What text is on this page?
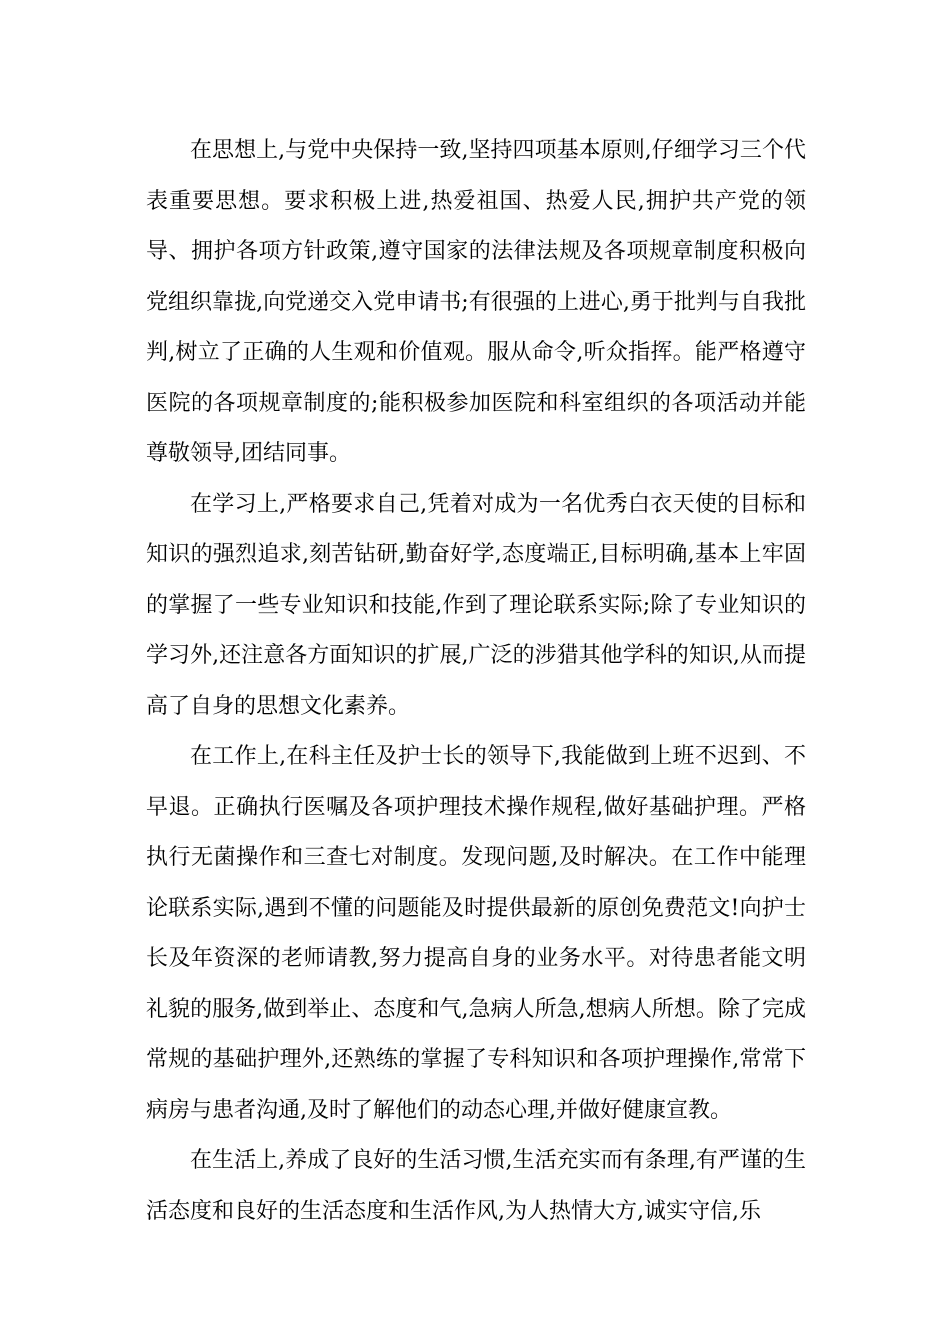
在思想上,与党中央保持一致,坚持四项基本原则,仔细学习三个代表重要思想。要求积极上进,热爱祖国、热爱人民,拥护共产党的领导、拥护各项方针政策,遵守国家的法律法规及各项规章制度积极向党组织靠拢,向党递交入党申请书;有很强的上进心,勇于批判与自我批判,树立了正确的人生观和价值观。服从命令,听众指挥。能严格遵守医院的各项规章制度的;能积极参加医院和科室组织的各项活动并能尊敬领导,团结同事。

在学习上,严格要求自己,凭着对成为一名优秀白衣天使的目标和知识的强烈追求,刻苦钻研,勤奋好学,态度端正,目标明确,基本上牢固的掌握了一些专业知识和技能,作到了理论联系实际;除了专业知识的学习外,还注意各方面知识的扩展,广泛的涉猎其他学科的知识,从而提高了自身的思想文化素养。

在工作上,在科主任及护士长的领导下,我能做到上班不迟到、不早退。正确执行医嘱及各项护理技术操作规程,做好基础护理。严格执行无菌操作和三查七对制度。发现问题,及时解决。在工作中能理论联系实际,遇到不懂的问题能及时提供最新的原创免费范文!向护士长及年资深的老师请教,努力提高自身的业务水平。对待患者能文明礼貌的服务,做到举止、态度和气,急病人所急,想病人所想。除了完成常规的基础护理外,还熟练的掌握了专科知识和各项护理操作,常常下病房与患者沟通,及时了解他们的动态心理,并做好健康宣教。

在生活上,养成了良好的生活习惯,生活充实而有条理,有严谨的生活态度和良好的生活态度和生活作风,为人热情大方,诚实守信,乐
